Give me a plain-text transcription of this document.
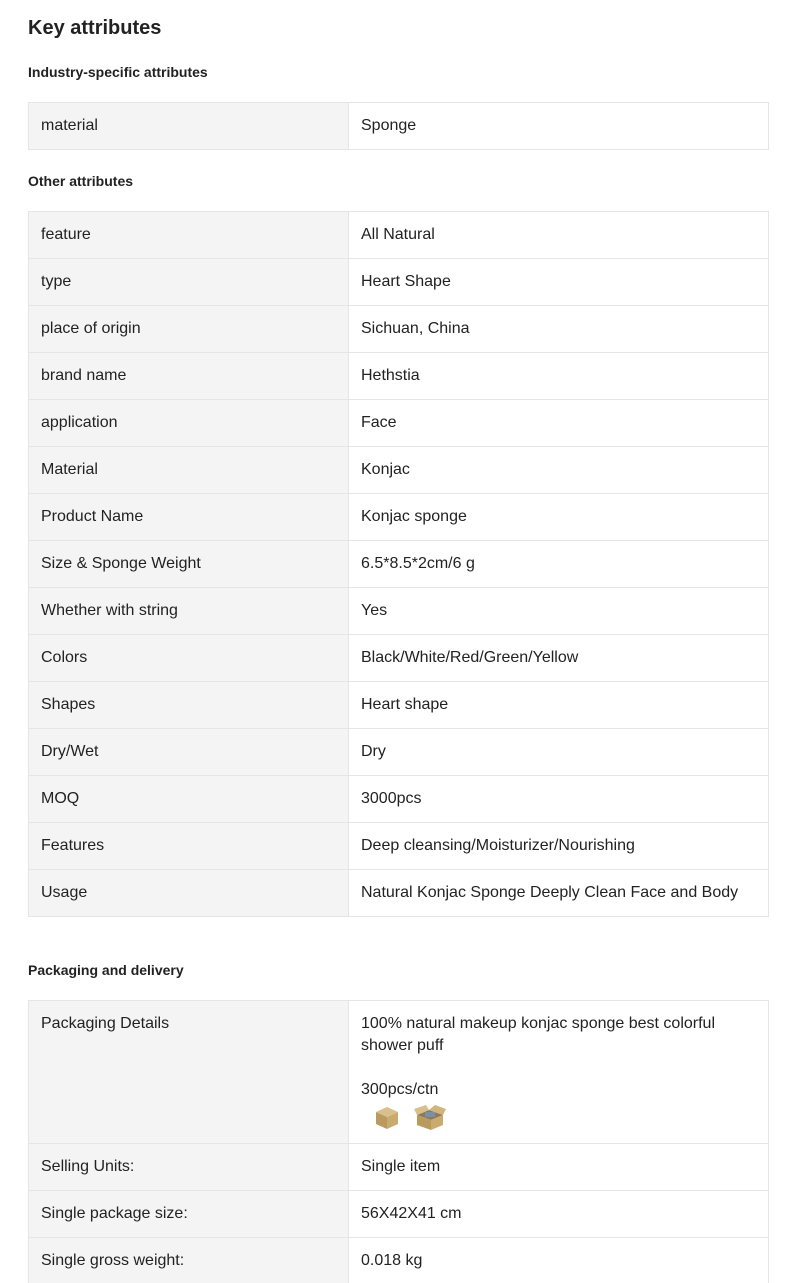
Key attributes
Industry-specific attributes
material	Sponge
Other attributes
feature	All Natural
type	Heart Shape
place of origin	Sichuan, China
brand name	Hethstia
application	Face
Material	Konjac
Product Name	Konjac sponge
Size & Sponge Weight	6.5*8.5*2cm/6 g
Whether with string	Yes
Colors	Black/White/Red/Green/Yellow
Shapes	Heart shape
Dry/Wet	Dry
MOQ	3000pcs
Features	Deep cleansing/Moisturizer/Nourishing
Usage	Natural Konjac Sponge Deeply Clean Face and Body
Packaging and delivery
Packaging Details	100% natural makeup konjac sponge best colorful shower puff
300pcs/ctn

Selling Units:	Single item
Single package size:	56X42X41 cm
Single gross weight:	0.018 kg
